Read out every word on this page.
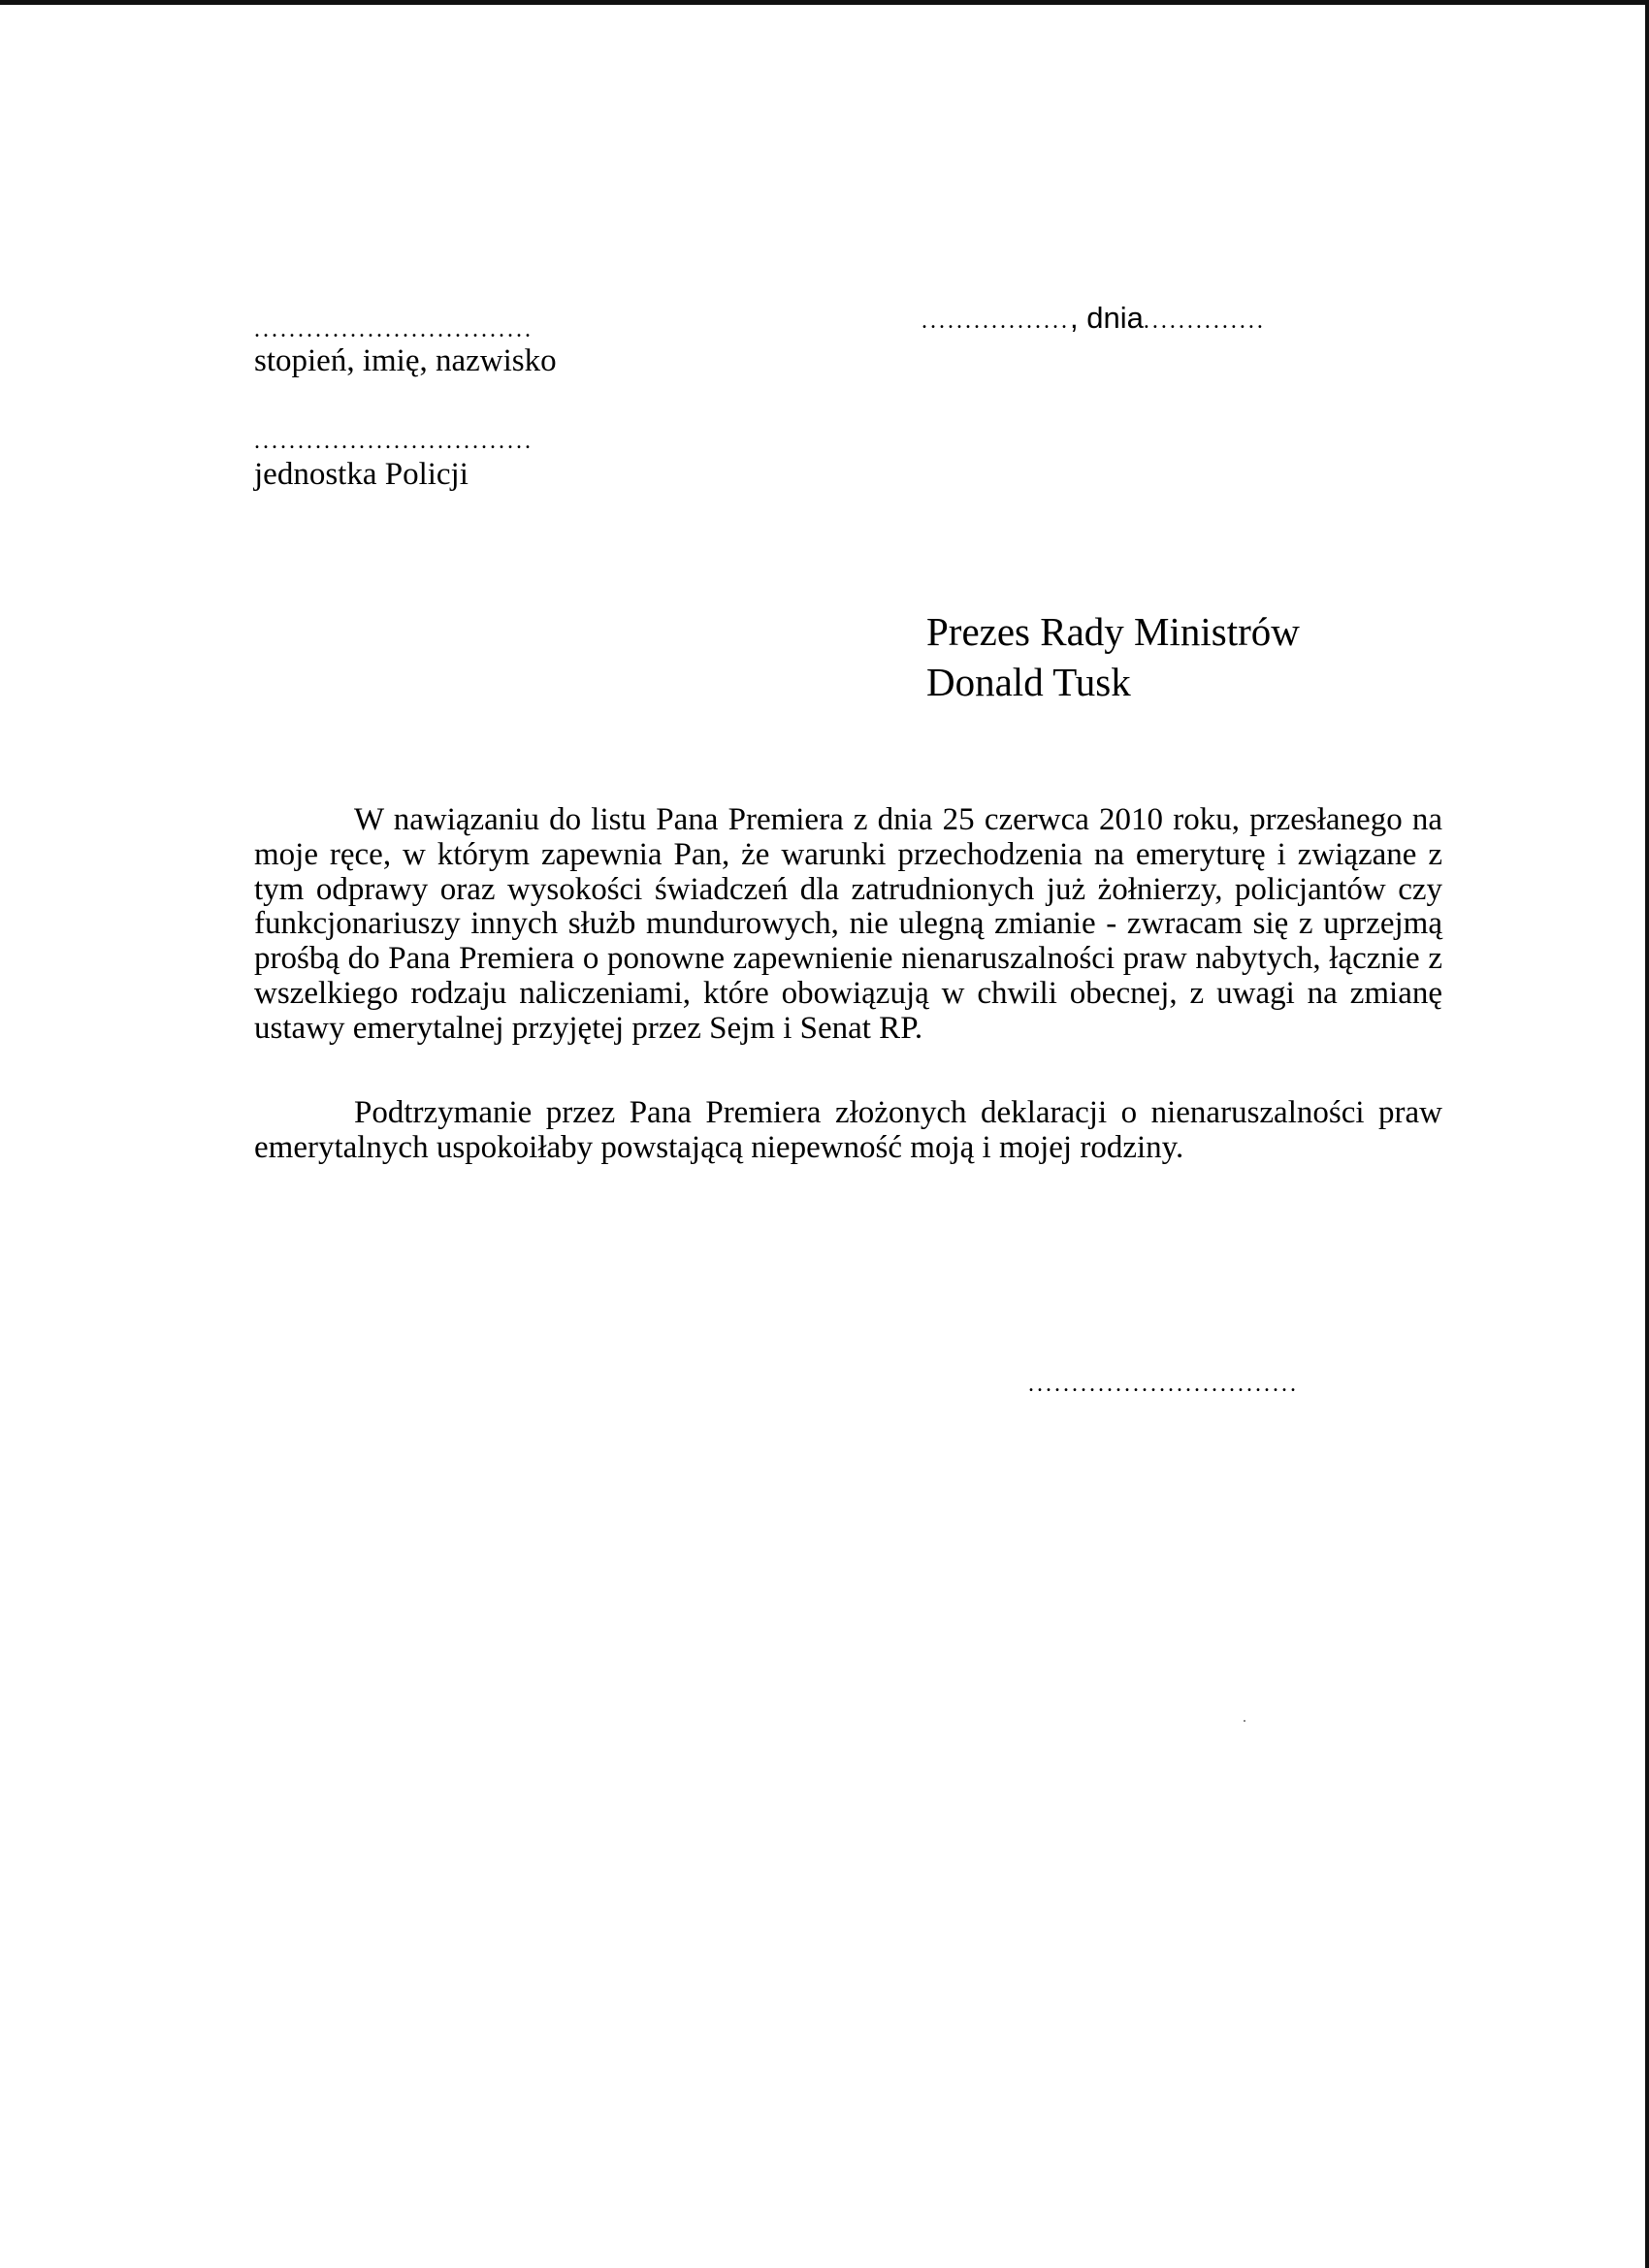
................................
stopień, imię, nazwisko
................................
jednostka Policji
................., dnia..............
Prezes Rady Ministrów
Donald Tusk

W nawiązaniu do listu Pana Premiera z dnia 25 czerwca 2010 roku, przesłanego na moje ręce, w którym zapewnia Pan, że warunki przechodzenia na emeryturę i związane z tym odprawy oraz wysokości świadczeń dla zatrudnionych już żołnierzy, policjantów czy funkcjonariuszy innych służb mundurowych, nie ulegną zmianie - zwracam się z uprzejmą prośbą do Pana Premiera o ponowne zapewnienie nienaruszalności praw nabytych, łącznie z wszelkiego rodzaju naliczeniami, które obowiązują w chwili obecnej, z uwagi na zmianę ustawy emerytalnej przyjętej przez Sejm i Senat RP.

Podtrzymanie przez Pana Premiera złożonych deklaracji o nienaruszalności praw emerytalnych uspokoiłaby powstającą niepewność moją i mojej rodziny.

...............................
